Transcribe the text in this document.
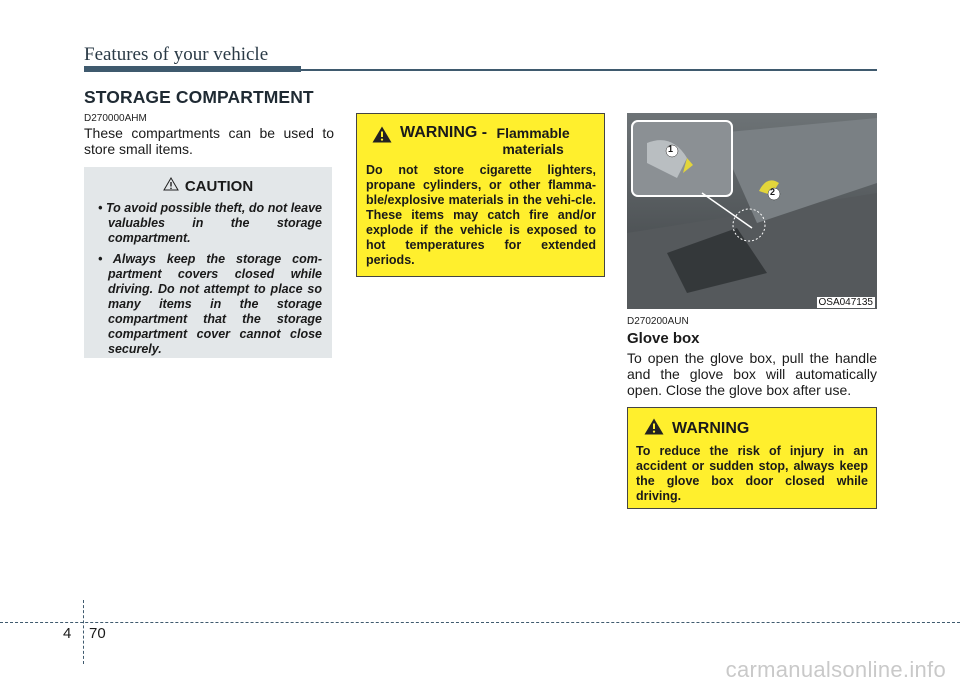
Features of your vehicle
STORAGE COMPARTMENT
D270000AHM
These compartments can be used to store small items.
CAUTION
• To avoid possible theft, do not leave valuables in the storage compartment.
• Always keep the storage com-partment covers closed while driving. Do not attempt to place so many items in the storage compartment that the storage compartment cover cannot close securely.
WARNING - Flammable materials
Do not store cigarette lighters, propane cylinders, or other flamma-ble/explosive materials in the vehi-cle. These items may catch fire and/or explode if the vehicle is exposed to hot temperatures for extended periods.
1
2
OSA047135
D270200AUN
Glove box
To open the glove box, pull the handle and the glove box will automatically open. Close the glove box after use.
WARNING
To reduce the risk of injury in an accident or sudden stop, always keep the glove box door closed while driving.
4 70
carmanualsonline.info
